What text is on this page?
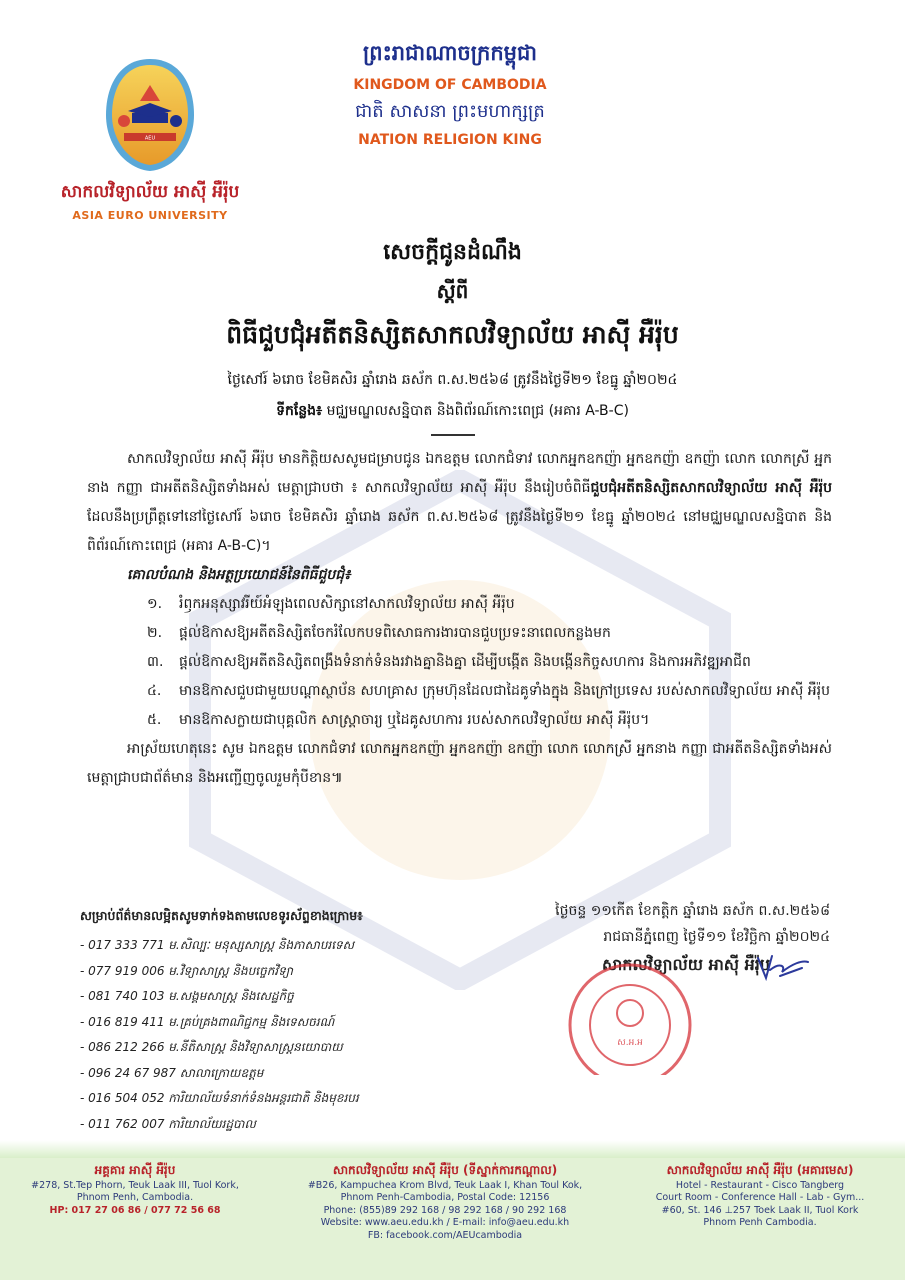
AEU
សាកលវិទ្យាល័យ អាស៊ី អឺរ៉ុប
ASIA EURO UNIVERSITY
ព្រះរាជាណាចក្រកម្ពុជា
KINGDOM OF CAMBODIA
ជាតិ សាសនា ព្រះមហាក្សត្រ
NATION RELIGION KING
សេចក្តីជូនដំណឹង
ស្តីពី
ពិធីជួបជុំអតីតនិស្សិតសាកលវិទ្យាល័យ អាស៊ី អឺរ៉ុប
ថ្ងៃសៅរ៍ ៦រោច ខែមិគសិរ ឆ្នាំរោង ឆស័ក ព.ស.២៥៦៨ ត្រូវនឹងថ្ងៃទី២១ ខែធ្នូ ឆ្នាំ២០២៤
ទីកន្លែង៖ មជ្ឈមណ្ឌលសន្និបាត និងពិព័រណ៍កោះពេជ្រ (អគារ A-B-C)
សាកលវិទ្យាល័យ អាស៊ី អឺរ៉ុប មានកិត្តិយសសូមជម្រាបជូន ឯកឧត្តម លោកជំទាវ លោកអ្នកឧកញ៉ា អ្នកឧកញ៉ា ឧកញ៉ា លោក លោកស្រី អ្នកនាង កញ្ញា ជាអតីតនិស្សិតទាំងអស់ មេត្តាជ្រាបថា ៖ សាកលវិទ្យាល័យ អាស៊ី អឺរ៉ុប នឹងរៀបចំពិធីជួបជុំអតីតនិស្សិតសាកលវិទ្យាល័យ អាស៊ី អឺរ៉ុប ដែលនឹងប្រព្រឹត្តទៅនៅថ្ងៃសៅរ៍ ៦រោច ខែមិគសិរ ឆ្នាំរោង ឆស័ក ព.ស.២៥៦៨ ត្រូវនឹងថ្ងៃទី២១ ខែធ្នូ ឆ្នាំ២០២៤ នៅមជ្ឈមណ្ឌលសន្និបាត និងពិព័រណ៍កោះពេជ្រ (អគារ A-B-C)។
គោលបំណង និងអត្ថប្រយោជន៍នៃពិធីជួបជុំ៖
១. រំឭកអនុស្សាវរីយ៍អំឡុងពេលសិក្សានៅសាកលវិទ្យាល័យ អាស៊ី អឺរ៉ុប
២. ផ្តល់ឱកាសឱ្យអតីតនិស្សិតចែករំលែកបទពិសោធការងារបានជួបប្រទះនាពេលកន្លងមក
៣. ផ្តល់ឱកាសឱ្យអតីតនិស្សិតពង្រឹងទំនាក់ទំនងរវាងគ្នានិងគ្នា ដើម្បីបង្កើត និងបង្កើនកិច្ចសហការ និងការអភិវឌ្ឍអាជីព
៤. មានឱកាសជួបជាមួយបណ្តាស្ថាប័ន សហគ្រាស ក្រុមហ៊ុនដែលជាដៃគូទាំងក្នុង និងក្រៅប្រទេស របស់សាកលវិទ្យាល័យ អាស៊ី អឺរ៉ុប
៥. មានឱកាសក្លាយជាបុគ្គលិក សាស្ត្រាចារ្យ ឬដៃគូសហការ របស់សាកលវិទ្យាល័យ អាស៊ី អឺរ៉ុប។
អាស្រ័យហេតុនេះ សូម ឯកឧត្តម លោកជំទាវ លោកអ្នកឧកញ៉ា អ្នកឧកញ៉ា ឧកញ៉ា លោក លោកស្រី អ្នកនាង កញ្ញា ជាអតីតនិស្សិតទាំងអស់ មេត្តាជ្រាបជាព័ត៌មាន និងអញ្ជើញចូលរួមកុំបីខាន៕
សម្រាប់ព័ត៌មានលម្អិតសូមទាក់ទងតាមលេខទូរស័ព្ទខាងក្រោម៖
- 017 333 771 ម.សិល្បៈ មនុស្សសាស្ត្រ និងភាសាបរទេស
- 077 919 006 ម.វិទ្យាសាស្ត្រ និងបច្ចេកវិទ្យា
- 081 740 103 ម.សង្គមសាស្ត្រ និងសេដ្ឋកិច្ច
- 016 819 411 ម.គ្រប់គ្រងពាណិជ្ជកម្ម និងទេសចរណ៍
- 086 212 266 ម.នីតិសាស្ត្រ និងវិទ្យាសាស្ត្រនយោបាយ
- 096 24 67 987 សាលាក្រោយឧត្តម
- 016 504 052 ការិយាល័យទំនាក់ទំនងអន្តរជាតិ និងមុខរបរ
- 011 762 007 ការិយាល័យរដ្ឋបាល
ថ្ងៃចន្ទ ១១កើត ខែកត្តិក ឆ្នាំរោង ឆស័ក ព.ស.២៥៦៨
រាជធានីភ្នំពេញ ថ្ងៃទី១១ ខែវិច្ឆិកា ឆ្នាំ២០២៤
សាកលវិទ្យាល័យ អាស៊ី អឺរ៉ុប
ស.អ.អ
អគ្គគារ អាស៊ី អឺរ៉ុប
#278, St.Tep Phorn, Teuk Laak III, Tuol Kork,
Phnom Penh, Cambodia.
HP: 017 27 06 86 / 077 72 56 68
សាកលវិទ្យាល័យ អាស៊ី អឺរ៉ុប (ទីស្នាក់ការកណ្តាល)
#B26, Kampuchea Krom Blvd, Teuk Laak I, Khan Toul Kok,
Phnom Penh-Cambodia, Postal Code: 12156
Phone: (855)89 292 168 / 98 292 168 / 90 292 168
Website: www.aeu.edu.kh / E-mail: info@aeu.edu.kh
FB: facebook.com/AEUcambodia
សាកលវិទ្យាល័យ អាស៊ី អឺរ៉ុប (អគារមេស)
Hotel - Restaurant - Cisco Tangberg
Court Room - Conference Hall - Lab - Gym...
#60, St. 146 ⊥257 Toek Laak II, Tuol Kork
Phnom Penh Cambodia.
